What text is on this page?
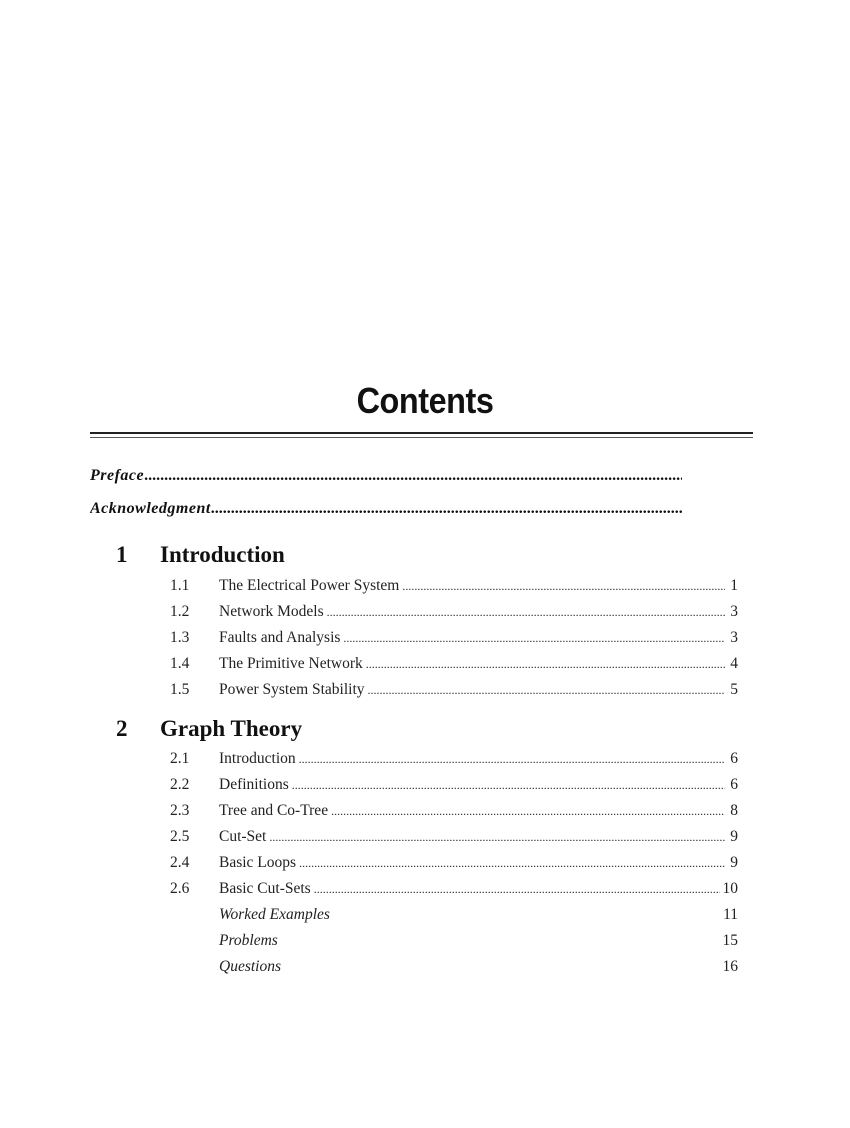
Contents
Preface
.....
Acknowledgment
.....
1 Introduction
1.1	The Electrical Power System .....	1
1.2	Network Models .....	3
1.3	Faults and Analysis .....	3
1.4	The Primitive Network .....	4
1.5	Power System Stability .....	5
2 Graph Theory
2.1	Introduction .....	6
2.2	Definitions .....	6
2.3	Tree and Co-Tree .....	8
2.5	Cut-Set .....	9
2.4	Basic Loops .....	9
2.6	Basic Cut-Sets .....	10
Worked Examples	11
Problems	15
Questions	16
